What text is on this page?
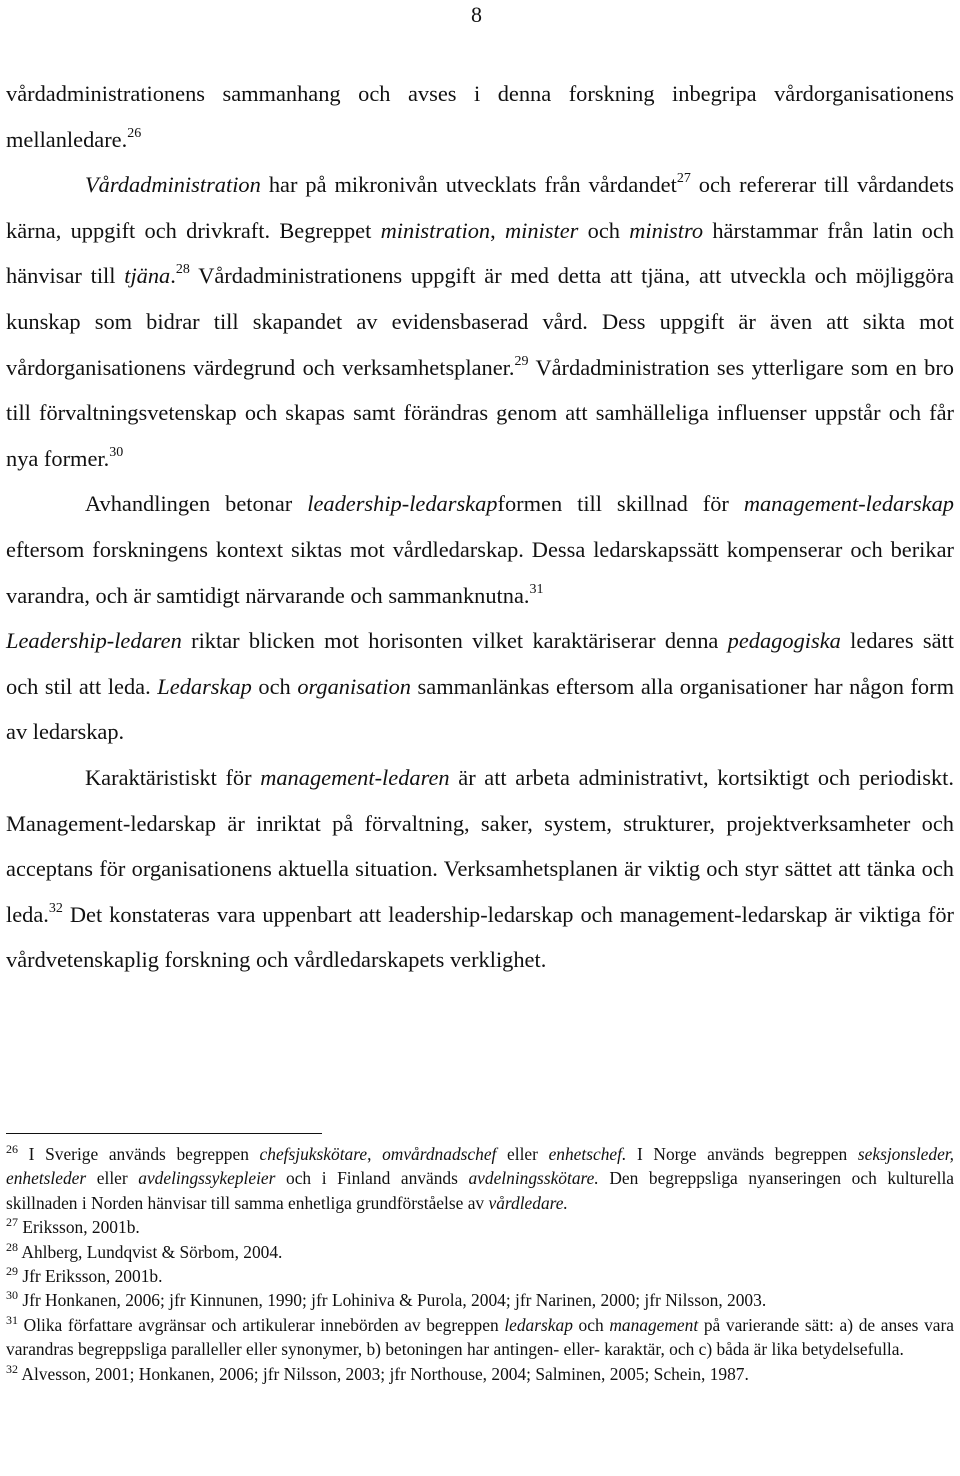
8

vårdadministrationens sammanhang och avses i denna forskning inbegripa vårdorganisationens mellanledare.$^{26}$

Vårdadministration har på mikronivån utvecklats från vårdandet$^{27}$ och refererar till vårdandets kärna, uppgift och drivkraft. Begreppet ministration, minister och ministro härstammar från latin och hänvisar till tjäna.$^{28}$ Vårdadministrationens uppgift är med detta att tjäna, att utveckla och möjliggöra kunskap som bidrar till skapandet av evidensbaserad vård. Dess uppgift är även att sikta mot vårdorganisationens värdegrund och verksamhetsplaner.$^{29}$ Vårdadministration ses ytterligare som en bro till förvaltningsvetenskap och skapas samt förändras genom att samhälleliga influenser uppstår och får nya former.$^{30}$

Avhandlingen betonar leadership-ledarskapformen till skillnad för management-ledarskap eftersom forskningens kontext siktas mot vårdledarskap. Dessa ledarskapssätt kompenserar och berikar varandra, och är samtidigt närvarande och sammanknutna.$^{31}$
Leadership-ledaren riktar blicken mot horisonten vilket karaktäriserar denna pedagogiska ledares sätt och stil att leda. Ledarskap och organisation sammanlänkas eftersom alla organisationer har någon form av ledarskap.

Karaktäristiskt för management-ledaren är att arbeta administrativt, kortsiktigt och periodiskt. Management-ledarskap är inriktat på förvaltning, saker, system, strukturer, projektverksamheter och acceptans för organisationens aktuella situation. Verksamhetsplanen är viktig och styr sättet att tänka och leda.$^{32}$ Det konstateras vara uppenbart att leadership-ledarskap och management-ledarskap är viktiga för vårdvetenskaplig forskning och vårdledarskapets verklighet.

$^{26}$ I Sverige används begreppen chefsjukskötare, omvårdnadschef eller enhetschef. I Norge används begreppen seksjonsleder, enhetsleder eller avdelingssykepleier och i Finland används avdelningsskötare. Den begreppsliga nyanseringen och kulturella skillnaden i Norden hänvisar till samma enhetliga grundförståelse av vårdledare.

$^{27}$ Eriksson, 2001b.

$^{28}$ Ahlberg, Lundqvist & Sörbom, 2004.

$^{29}$ Jfr Eriksson, 2001b.

$^{30}$ Jfr Honkanen, 2006; jfr Kinnunen, 1990; jfr Lohiniva & Purola, 2004; jfr Narinen, 2000; jfr Nilsson, 2003.

$^{31}$ Olika författare avgränsar och artikulerar innebörden av begreppen ledarskap och management på varierande sätt: a) de anses vara varandras begreppsliga paralleller eller synonymer, b) betoningen har antingen- eller- karaktär, och c) båda är lika betydelsefulla.

$^{32}$ Alvesson, 2001; Honkanen, 2006; jfr Nilsson, 2003; jfr Northouse, 2004; Salminen, 2005; Schein, 1987.
